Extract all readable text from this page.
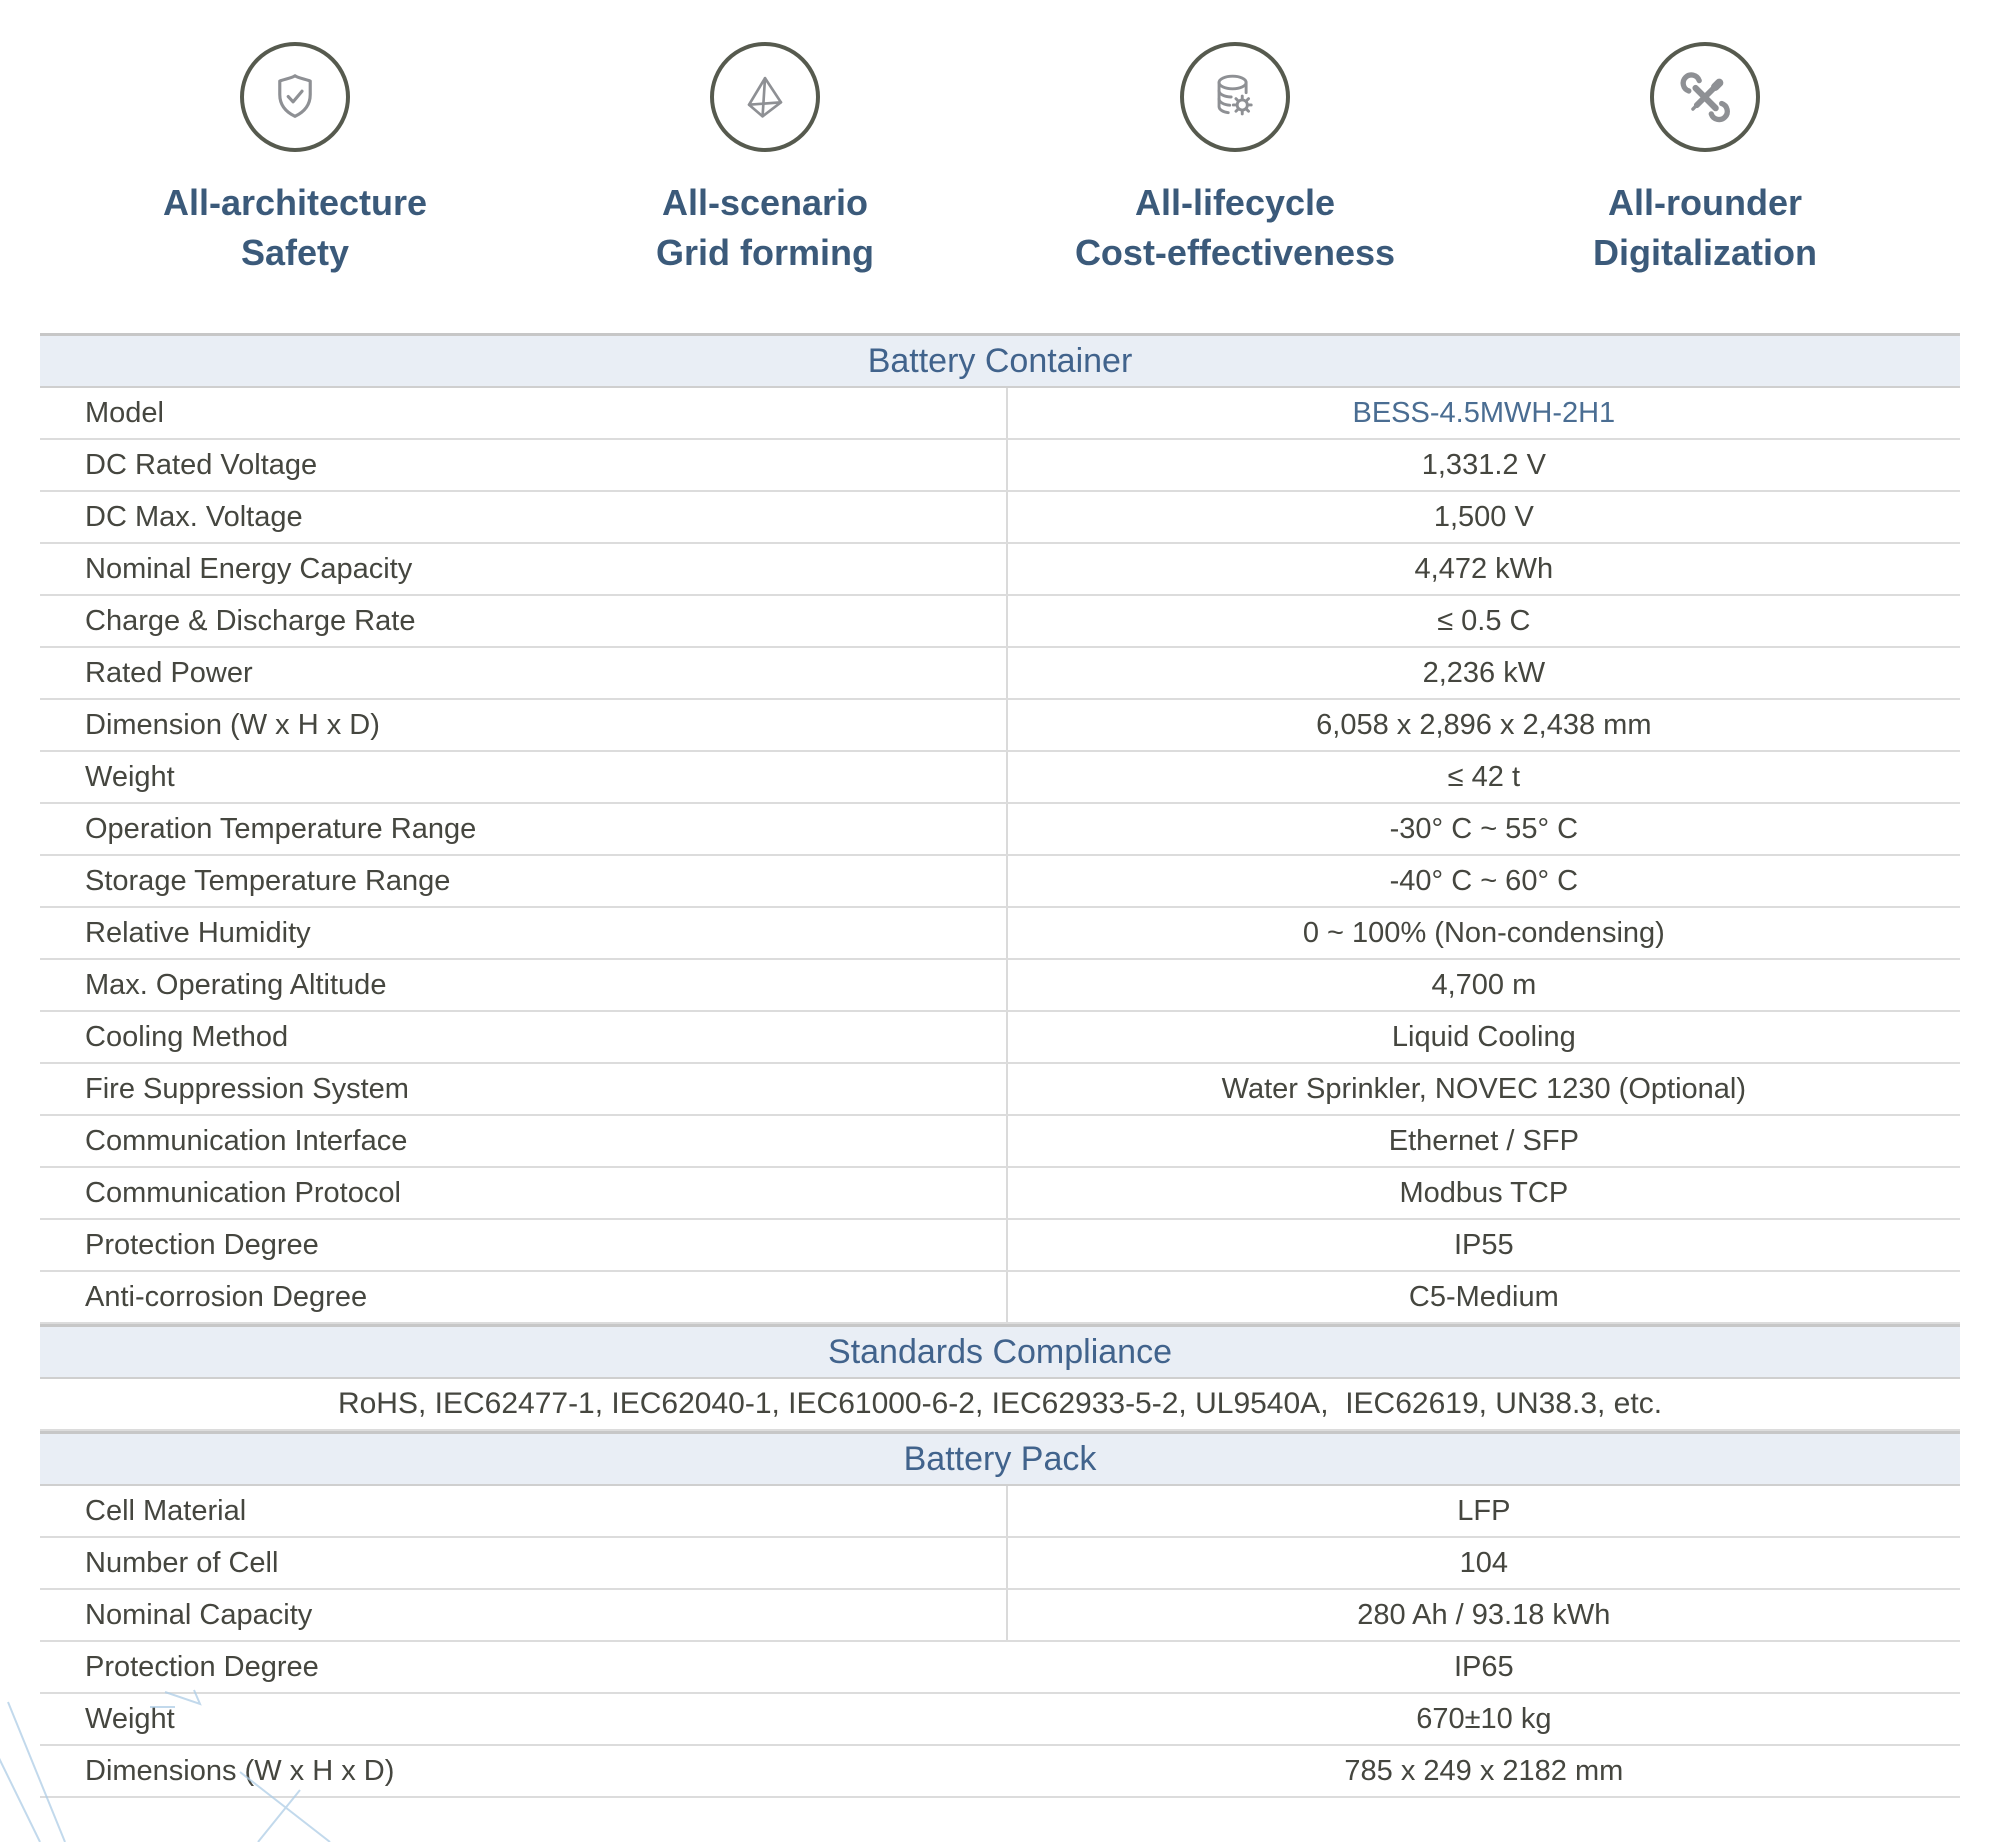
All-architecture
Safety
All-scenario
Grid forming
All-lifecycle
Cost-effectiveness
All-rounder
Digitalization
Battery Container
Model	BESS-4.5MWH-2H1
DC Rated Voltage	1,331.2 V
DC Max. Voltage	1,500 V
Nominal Energy Capacity	4,472 kWh
Charge & Discharge Rate	≤ 0.5 C
Rated Power	2,236 kW
Dimension (W x H x D)	6,058 x 2,896 x 2,438 mm
Weight	≤ 42 t
Operation Temperature Range	-30° C ~ 55° C
Storage Temperature Range	-40° C ~ 60° C
Relative Humidity	0 ~ 100% (Non-condensing)
Max. Operating Altitude	4,700 m
Cooling Method	Liquid Cooling
Fire Suppression System	Water Sprinkler, NOVEC 1230 (Optional)
Communication Interface	Ethernet / SFP
Communication Protocol	Modbus TCP
Protection Degree	IP55
Anti-corrosion Degree	C5-Medium
Standards Compliance
RoHS, IEC62477-1, IEC62040-1, IEC61000-6-2, IEC62933-5-2, UL9540A,  IEC62619, UN38.3, etc.
Battery Pack
Cell Material	LFP
Number of Cell	104
Nominal Capacity	280 Ah / 93.18 kWh
Protection Degree	IP65
Weight	670±10 kg
Dimensions (W x H x D)	785 x 249 x 2182 mm
